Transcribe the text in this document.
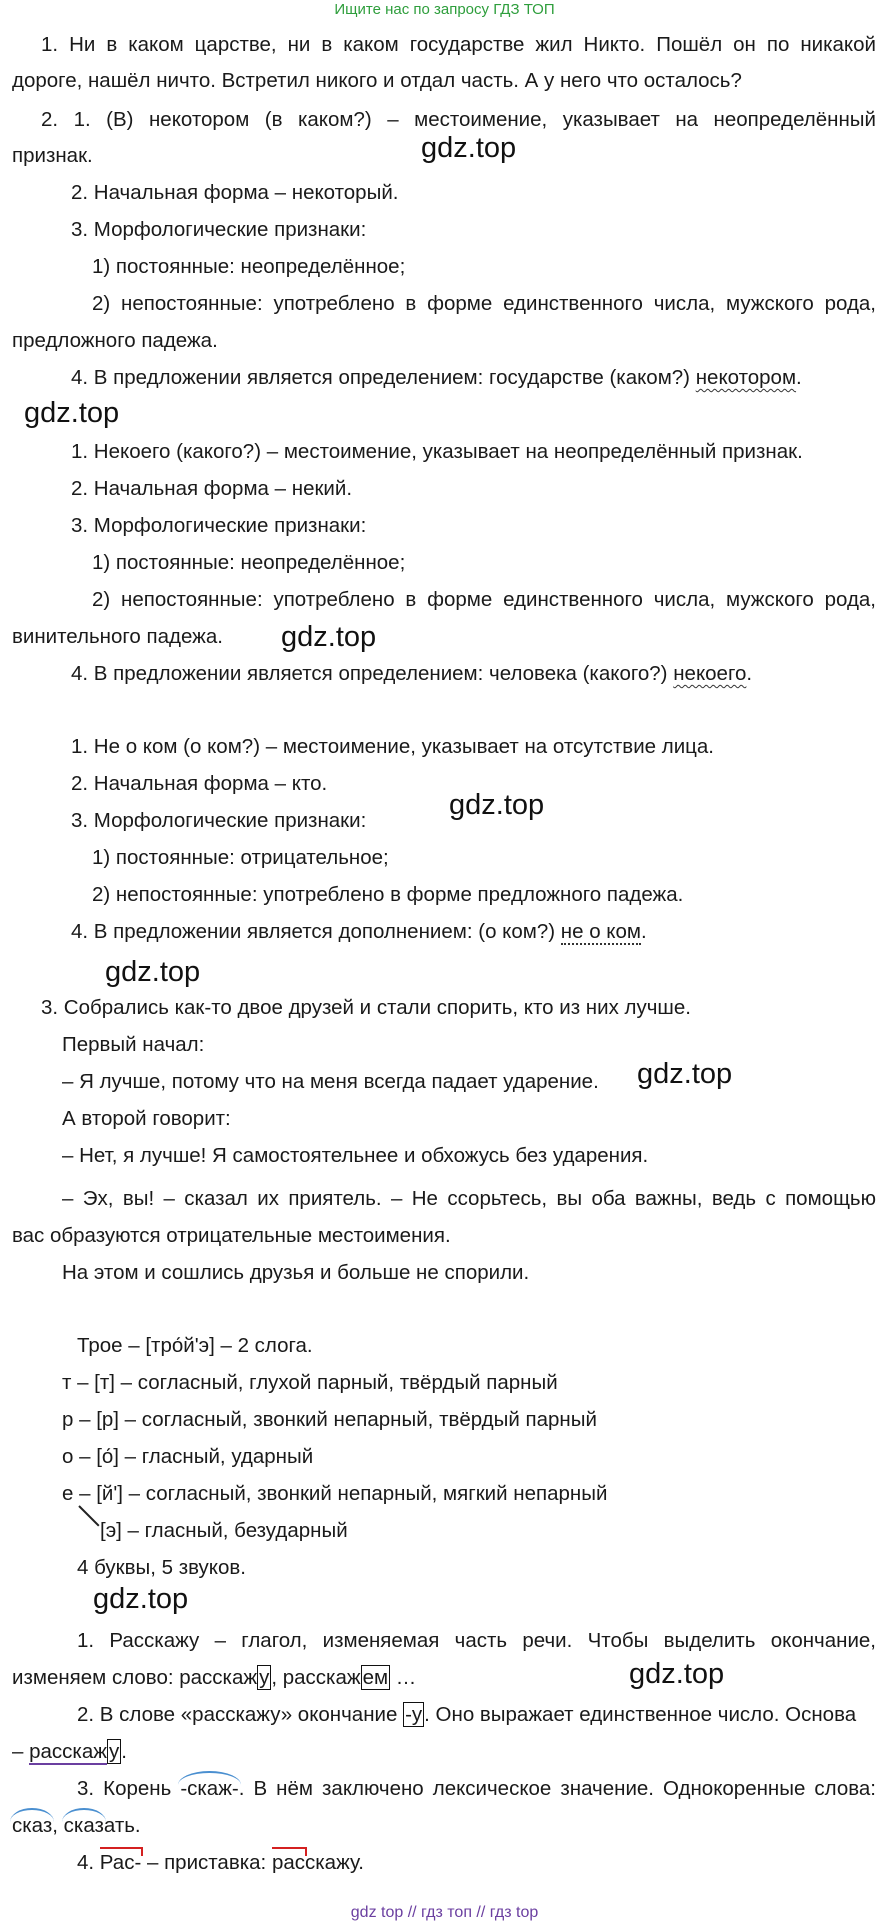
Ищите нас по запросу ГДЗ ТОП
1. Ни в каком царстве, ни в каком государстве жил Никто. Пошёл он по никакой
дороге, нашёл ничто. Встретил никого и отдал часть. А у него что осталось?
2. 1. (В) некотором (в каком?) – местоимение, указывает на неопределённый
признак.	gdz.top
2. Начальная форма – некоторый.
3. Морфологические признаки:
1) постоянные: неопределённое;
2) непостоянные: употреблено в форме единственного числа, мужского рода,
предложного падежа.
4. В предложении является определением: государстве (каком?) некотором.
gdz.top
1. Некоего (какого?) – местоимение, указывает на неопределённый признак.
2. Начальная форма – некий.
3. Морфологические признаки:
1) постоянные: неопределённое;
2) непостоянные: употреблено в форме единственного числа, мужского рода,
винительного падежа. gdz.top
4. В предложении является определением: человека (какого?) некоего.
1. Не о ком (о ком?) – местоимение, указывает на отсутствие лица.
2. Начальная форма – кто.
gdz.top
3. Морфологические признаки:
1) постоянные: отрицательное;
2) непостоянные: употреблено в форме предложного падежа.
4. В предложении является дополнением: (о ком?) не о ком.
gdz.top
3. Собрались как-то двое друзей и стали спорить, кто из них лучше.
Первый начал:
– Я лучше, потому что на меня всегда падает ударение. gdz.top
А второй говорит:
– Нет, я лучше! Я самостоятельнее и обхожусь без ударения.
– Эх, вы! – сказал их приятель. – Не ссорьтесь, вы оба важны, ведь с помощью
вас образуются отрицательные местоимения.
На этом и сошлись друзья и больше не спорили.
Трое – [тро́й'э] – 2 слога.
т – [т] – согласный, глухой парный, твёрдый парный
р – [р] – согласный, звонкий непарный, твёрдый парный
о – [о́] – гласный, ударный
е – [й'] – согласный, звонкий непарный, мягкий непарный
[э] – гласный, безударный
4 буквы, 5 звуков.
gdz.top
1. Расскажу – глагол, изменяемая часть речи. Чтобы выделить окончание,
изменяем слово: расскажу, расскажем …	gdz.top
2. В слове «расскажу» окончание -у. Оно выражает единственное число. Основа
– расскажу.
3. Корень -скаж-. В нём заключено лексическое значение. Однокоренные слова:
сказ, сказать.
4. Рас- – приставка: расскажу.
gdz top // гдз топ // гдз top
